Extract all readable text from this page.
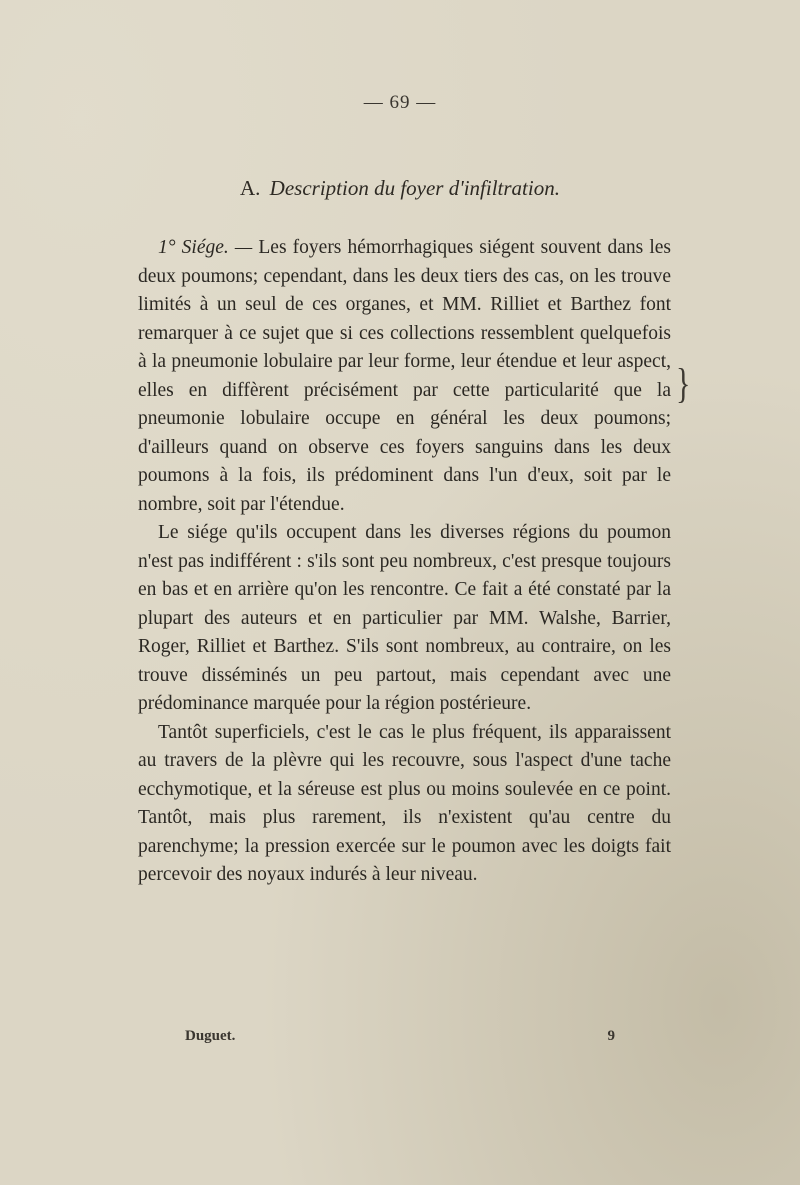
— 69 —
A. Description du foyer d'infiltration.

1° Siége. — Les foyers hémorrhagiques siégent souvent dans les deux poumons; cependant, dans les deux tiers des cas, on les trouve limités à un seul de ces organes, et MM. Rilliet et Barthez font remarquer à ce sujet que si ces collections ressemblent quelquefois à la pneumonie lobulaire par leur forme, leur étendue et leur aspect, elles en diffèrent précisément par cette particularité que la pneumonie lobulaire occupe en général les deux poumons; d'ailleurs quand on observe ces foyers sanguins dans les deux poumons à la fois, ils prédominent dans l'un d'eux, soit par le nombre, soit par l'étendue.

Le siége qu'ils occupent dans les diverses régions du poumon n'est pas indifférent : s'ils sont peu nombreux, c'est presque toujours en bas et en arrière qu'on les rencontre. Ce fait a été constaté par la plupart des auteurs et en particulier par MM. Walshe, Barrier, Roger, Rilliet et Barthez. S'ils sont nombreux, au contraire, on les trouve disséminés un peu partout, mais cependant avec une prédominance marquée pour la région postérieure.

Tantôt superficiels, c'est le cas le plus fréquent, ils apparaissent au travers de la plèvre qui les recouvre, sous l'aspect d'une tache ecchymotique, et la séreuse est plus ou moins soulevée en ce point. Tantôt, mais plus rarement, ils n'existent qu'au centre du parenchyme; la pression exercée sur le poumon avec les doigts fait percevoir des noyaux indurés à leur niveau.

}
Duguet.	9
